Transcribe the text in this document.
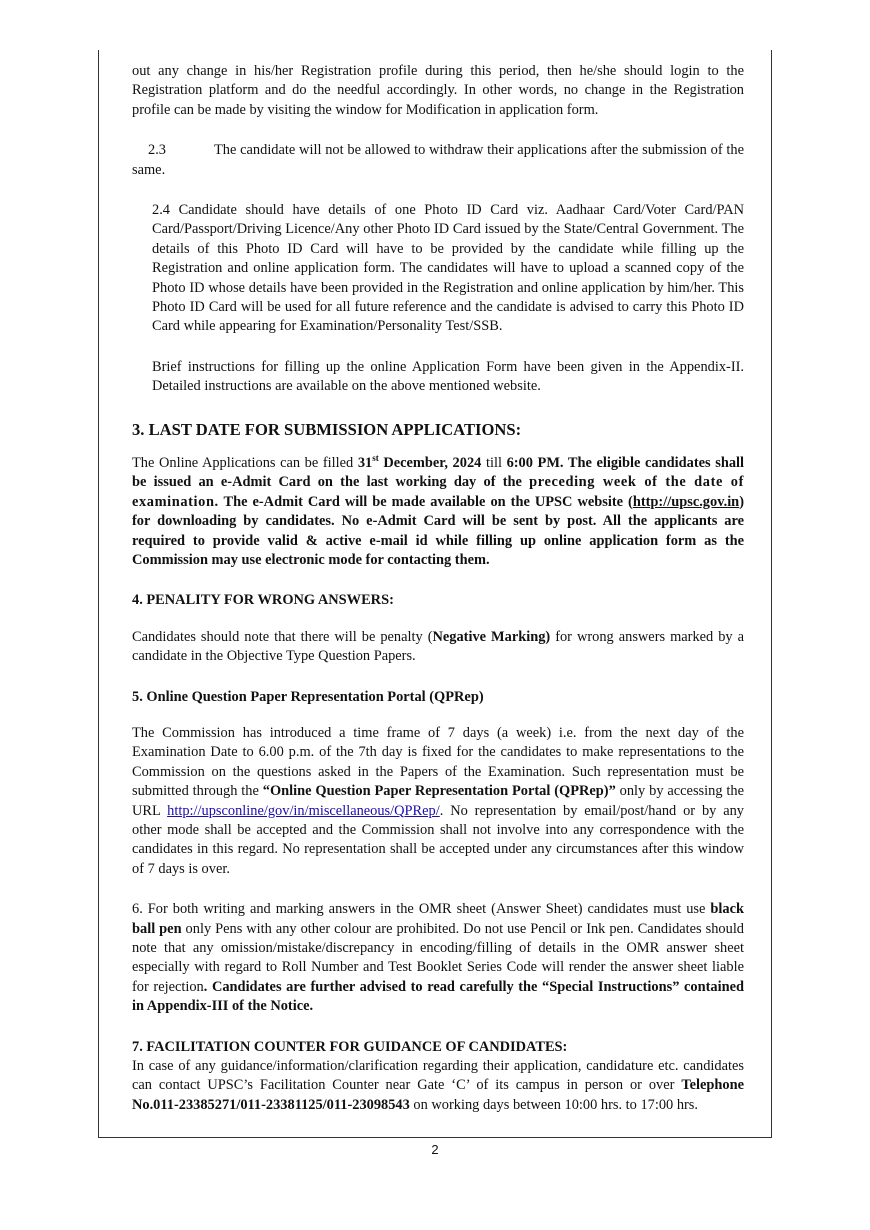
out any change in his/her Registration profile during this period, then he/she should login to the Registration platform and do the needful accordingly. In other words, no change in the Registration profile can be made by visiting the window for Modification in application form.

2.3	The candidate will not be allowed to withdraw their applications after the submission of the same.

2.4 Candidate should have details of one Photo ID Card viz. Aadhaar Card/Voter Card/PAN Card/Passport/Driving Licence/Any other Photo ID Card issued by the State/Central Government. The details of this Photo ID Card will have to be provided by the candidate while filling up the Registration and online application form. The candidates will have to upload a scanned copy of the Photo ID whose details have been provided in the Registration and online application by him/her. This Photo ID Card will be used for all future reference and the candidate is advised to carry this Photo ID Card while appearing for Examination/Personality Test/SSB.

Brief instructions for filling up the online Application Form have been given in the Appendix-II. Detailed instructions are available on the above mentioned website.

3. LAST DATE FOR SUBMISSION APPLICATIONS:

The Online Applications can be filled 31st December, 2024 till 6:00 PM. The eligible candidates shall be issued an e-Admit Card on the last working day of the preceding week of the date of examination. The e-Admit Card will be made available on the UPSC website (http://upsc.gov.in) for downloading by candidates. No e-Admit Card will be sent by post. All the applicants are required to provide valid & active e-mail id while filling up online application form as the Commission may use electronic mode for contacting them.

4. PENALITY FOR WRONG ANSWERS:

Candidates should note that there will be penalty (Negative Marking) for wrong answers marked by a candidate in the Objective Type Question Papers.

5. Online Question Paper Representation Portal (QPRep)

The Commission has introduced a time frame of 7 days (a week) i.e. from the next day of the Examination Date to 6.00 p.m. of the 7th day is fixed for the candidates to make representations to the Commission on the questions asked in the Papers of the Examination. Such representation must be submitted through the “Online Question Paper Representation Portal (QPRep)” only by accessing the URL http://upsconline/gov/in/miscellaneous/QPRep/. No representation by email/post/hand or by any other mode shall be accepted and the Commission shall not involve into any correspondence with the candidates in this regard. No representation shall be accepted under any circumstances after this window of 7 days is over.

6. For both writing and marking answers in the OMR sheet (Answer Sheet) candidates must use black ball pen only Pens with any other colour are prohibited. Do not use Pencil or Ink pen. Candidates should note that any omission/mistake/discrepancy in encoding/filling of details in the OMR answer sheet especially with regard to Roll Number and Test Booklet Series Code will render the answer sheet liable for rejection. Candidates are further advised to read carefully the “Special Instructions” contained in Appendix-III of the Notice.

7. FACILITATION COUNTER FOR GUIDANCE OF CANDIDATES:

In case of any guidance/information/clarification regarding their application, candidature etc. candidates can contact UPSC’s Facilitation Counter near Gate ‘C’ of its campus in person or over Telephone No.011-23385271/011-23381125/011-23098543 on working days between 10:00 hrs. to 17:00 hrs.

2
